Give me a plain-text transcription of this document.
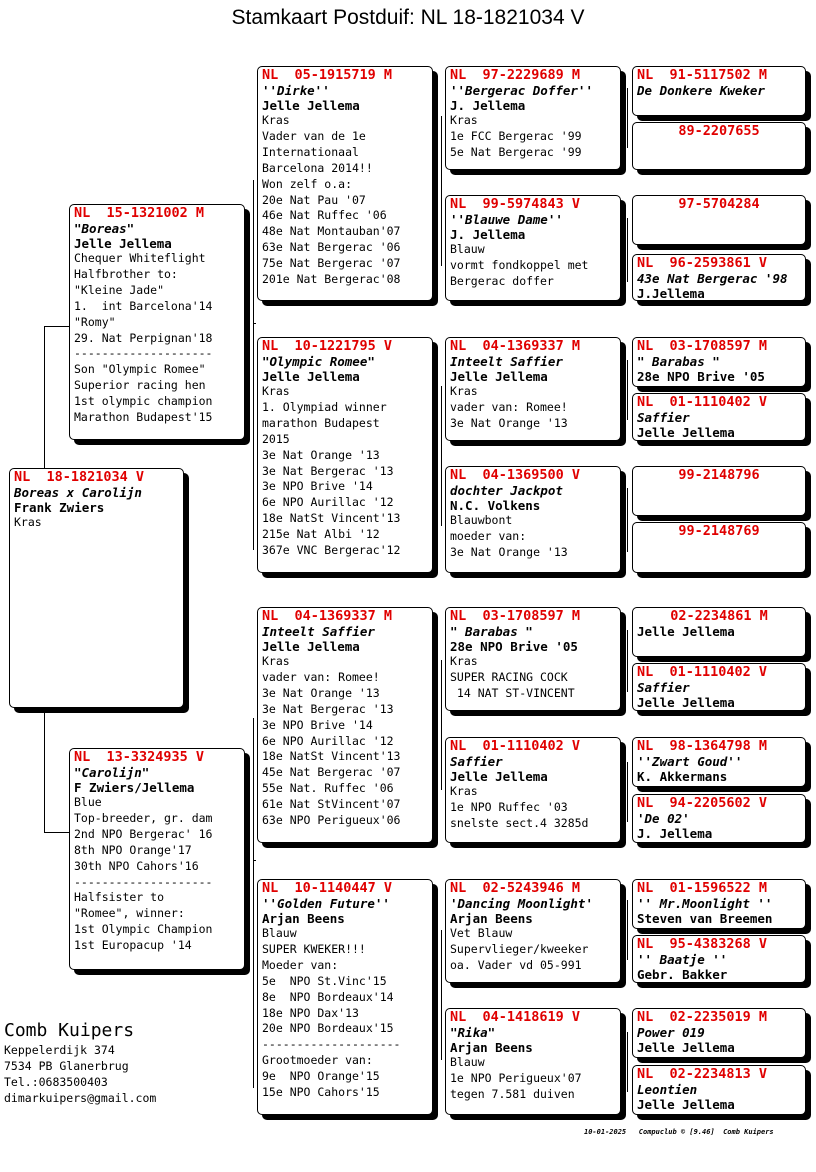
Stamkaart Postduif: NL 18-1821034 V
NL  18-1821034 V
Boreas x Carolijn
Frank Zwiers
Kras
NL  15-1321002 M
"Boreas"
Jelle Jellema
Chequer Whiteflight
Halfbrother to:
"Kleine Jade"
1.  int Barcelona'14
"Romy"
29. Nat Perpignan'18
--------------------
Son "Olympic Romee"
Superior racing hen
1st olympic champion
Marathon Budapest'15
NL  13-3324935 V
"Carolijn"
F Zwiers/Jellema
Blue
Top-breeder, gr. dam
2nd NPO Bergerac' 16
8th NPO Orange'17
30th NPO Cahors'16
--------------------
Halfsister to
"Romee", winner:
1st Olympic Champion
1st Europacup '14
NL  05-1915719 M
''Dirke''
Jelle Jellema
Kras
Vader van de 1e
Internationaal
Barcelona 2014!!
Won zelf o.a:
20e Nat Pau '07
46e Nat Ruffec '06
48e Nat Montauban'07
63e Nat Bergerac '06
75e Nat Bergerac '07
201e Nat Bergerac'08
NL  10-1221795 V
"Olympic Romee"
Jelle Jellema
Kras
1. Olympiad winner
marathon Budapest
2015
3e Nat Orange '13
3e Nat Bergerac '13
3e NPO Brive '14
6e NPO Aurillac '12
18e NatSt Vincent'13
215e Nat Albi '12
367e VNC Bergerac'12
NL  04-1369337 M
Inteelt Saffier
Jelle Jellema
Kras
vader van: Romee!
3e Nat Orange '13
3e Nat Bergerac '13
3e NPO Brive '14
6e NPO Aurillac '12
18e NatSt Vincent'13
45e Nat Bergerac '07
55e Nat. Ruffec '06
61e Nat StVincent'07
63e NPO Perigueux'06
NL  10-1140447 V
''Golden Future''
Arjan Beens
Blauw
SUPER KWEKER!!!
Moeder van:
5e  NPO St.Vinc'15
8e  NPO Bordeaux'14
18e NPO Dax'13
20e NPO Bordeaux'15
--------------------
Grootmoeder van:
9e  NPO Orange'15
15e NPO Cahors'15
NL  97-2229689 M
''Bergerac Doffer''
J. Jellema
Kras
1e FCC Bergerac '99
5e Nat Bergerac '99
NL  99-5974843 V
''Blauwe Dame''
J. Jellema
Blauw
vormt fondkoppel met
Bergerac doffer
NL  04-1369337 M
Inteelt Saffier
Jelle Jellema
Kras
vader van: Romee!
3e Nat Orange '13
NL  04-1369500 V
dochter Jackpot
N.C. Volkens
Blauwbont
moeder van:
3e Nat Orange '13
NL  03-1708597 M
" Barabas "
28e NPO Brive '05
Kras
SUPER RACING COCK
14 NAT ST-VINCENT
NL  01-1110402 V
Saffier
Jelle Jellema
Kras
1e NPO Ruffec '03
snelste sect.4 3285d
NL  02-5243946 M
'Dancing Moonlight'
Arjan Beens
Vet Blauw
Supervlieger/kweeker
oa. Vader vd 05-991
NL  04-1418619 V
"Rika"
Arjan Beens
Blauw
1e NPO Perigueux'07
tegen 7.581 duiven
NL  91-5117502 M
De Donkere Kweker
89-2207655
97-5704284
NL  96-2593861 V
43e Nat Bergerac '98
J.Jellema
NL  03-1708597 M
" Barabas "
28e NPO Brive '05
NL  01-1110402 V
Saffier
Jelle Jellema
99-2148796
99-2148769
02-2234861 M
Jelle Jellema
NL  01-1110402 V
Saffier
Jelle Jellema
NL  98-1364798 M
''Zwart Goud''
K. Akkermans
NL  94-2205602 V
'De 02'
J. Jellema
NL  01-1596522 M
'' Mr.Moonlight ''
Steven van Breemen
NL  95-4383268 V
'' Baatje ''
Gebr. Bakker
NL  02-2235019 M
Power 019
Jelle Jellema
NL  02-2234813 V
Leontien
Jelle Jellema
Comb Kuipers
Keppelerdijk 374
7534 PB Glanerbrug
Tel.:0683500403
dimarkuipers@gmail.com
10-01-2025   Compuclub © [9.46]  Comb Kuipers
